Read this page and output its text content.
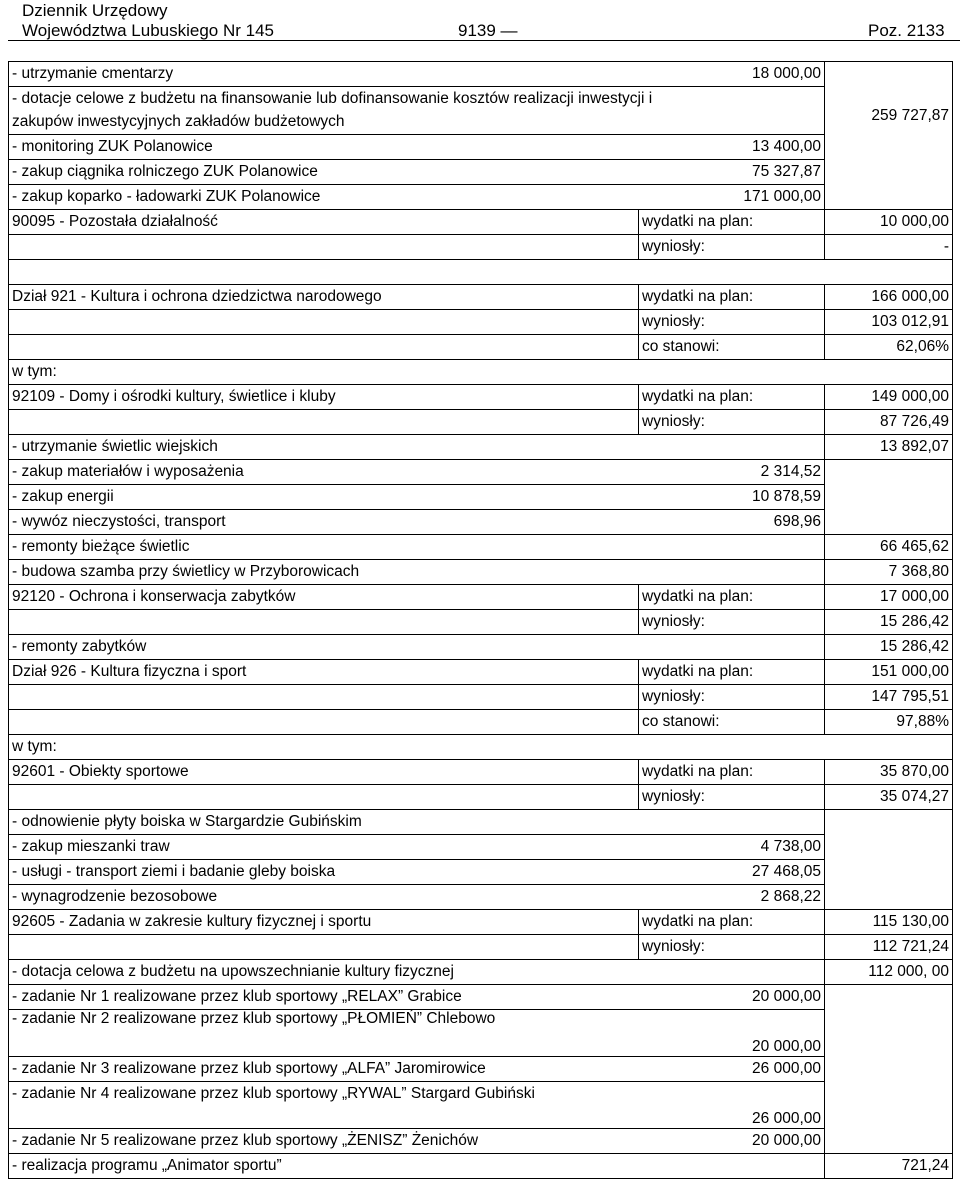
Dziennik Urzędowy
Województwa Lubuskiego Nr 145	9139 —	Poz. 2133
- utrzymanie cmentarzy	18 000,00	259 727,87
- dotacje celowe z budżetu na finansowanie lub dofinansowanie kosztów realizacji inwestycji i zakupów inwestycyjnych zakładów budżetowych		
- monitoring ZUK Polanowice	13 400,00	
- zakup ciągnika rolniczego ZUK Polanowice	75 327,87	
- zakup koparko - ładowarki ZUK Polanowice	171 000,00	
90095 - Pozostała działalność	wydatki na plan:	10 000,00
	wyniosły:	-

Dział 921 - Kultura i ochrona dziedzictwa narodowego	wydatki na plan:	166 000,00
	wyniosły:	103 012,91
	co stanowi:	62,06%
w tym:		
92109 - Domy i ośrodki kultury, świetlice i kluby	wydatki na plan:	149 000,00
	wyniosły:	87 726,49
- utrzymanie świetlic wiejskich		13 892,07
- zakup materiałów i wyposażenia	2 314,52	
- zakup energii	10 878,59	
- wywóz nieczystości, transport	698,96	
- remonty bieżące świetlic		66 465,62
- budowa szamba przy świetlicy w Przyborowicach		7 368,80
92120 - Ochrona i konserwacja zabytków	wydatki na plan:	17 000,00
	wyniosły:	15 286,42
- remonty zabytków		15 286,42
Dział 926 - Kultura fizyczna i sport	wydatki na plan:	151 000,00
	wyniosły:	147 795,51
	co stanowi:	97,88%
w tym:		
92601 - Obiekty sportowe	wydatki na plan:	35 870,00
	wyniosły:	35 074,27
- odnowienie płyty boiska w Stargardzie Gubińskim		
- zakup mieszanki traw	4 738,00	
- usługi - transport ziemi i badanie gleby boiska	27 468,05	
- wynagrodzenie bezosobowe	2 868,22	
92605 - Zadania w zakresie kultury fizycznej i sportu	wydatki na plan:	115 130,00
	wyniosły:	112 721,24
- dotacja celowa z budżetu na upowszechnianie kultury fizycznej		112 000, 00
- zadanie Nr 1 realizowane przez klub sportowy „RELAX” Grabice	20 000,00	
- zadanie Nr 2 realizowane przez klub sportowy „PŁOMIEŃ” Chlebowo	20 000,00	
- zadanie Nr 3 realizowane przez klub sportowy „ALFA” Jaromirowice	26 000,00	
- zadanie Nr 4 realizowane przez klub sportowy „RYWAL” Stargard Gubiński	26 000,00	
- zadanie Nr 5 realizowane przez klub sportowy „ŻENISZ” Żenichów	20 000,00	
- realizacja programu „Animator sportu”		721,24
